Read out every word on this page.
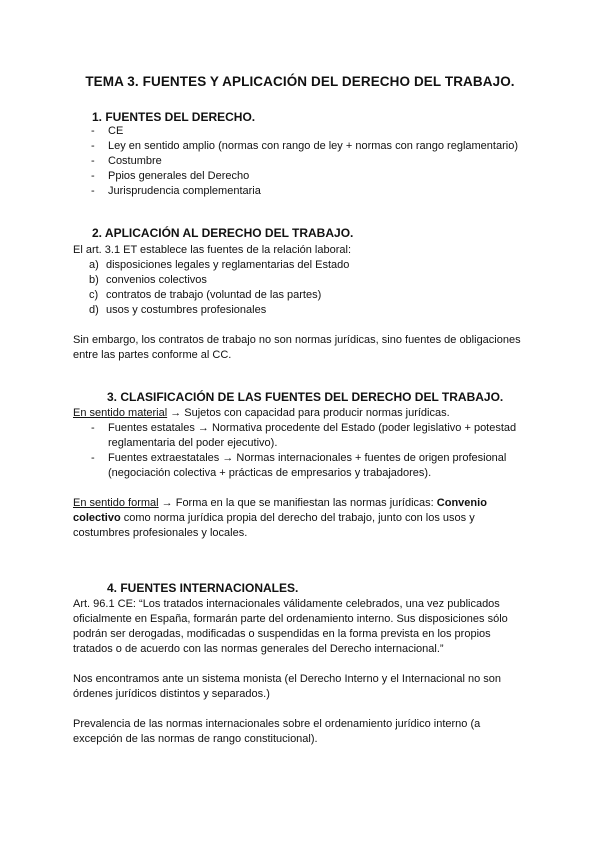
TEMA 3. FUENTES Y APLICACIÓN DEL DERECHO DEL TRABAJO.
1. FUENTES DEL DERECHO.
- CE
- Ley en sentido amplio (normas con rango de ley + normas con rango reglamentario)
- Costumbre
- Ppios generales del Derecho
- Jurisprudencia complementaria
2. APLICACIÓN AL DERECHO DEL TRABAJO.

El art. 3.1 ET establece las fuentes de la relación laboral:

a) disposiciones legales y reglamentarias del Estado
b) convenios colectivos
c) contratos de trabajo (voluntad de las partes)
d) usos y costumbres profesionales

Sin embargo, los contratos de trabajo no son normas jurídicas, sino fuentes de obligaciones entre las partes conforme al CC.

3. CLASIFICACIÓN DE LAS FUENTES DEL DERECHO DEL TRABAJO.

En sentido material → Sujetos con capacidad para producir normas jurídicas.

- Fuentes estatales → Normativa procedente del Estado (poder legislativo + potestad reglamentaria del poder ejecutivo).
- Fuentes extraestatales → Normas internacionales + fuentes de origen profesional (negociación colectiva + prácticas de empresarios y trabajadores).

En sentido formal → Forma en la que se manifiestan las normas jurídicas: Convenio colectivo como norma jurídica propia del derecho del trabajo, junto con los usos y costumbres profesionales y locales.

4. FUENTES INTERNACIONALES.

Art. 96.1 CE: “Los tratados internacionales válidamente celebrados, una vez publicados oficialmente en España, formarán parte del ordenamiento interno. Sus disposiciones sólo podrán ser derogadas, modificadas o suspendidas en la forma prevista en los propios tratados o de acuerdo con las normas generales del Derecho internacional.”

Nos encontramos ante un sistema monista (el Derecho Interno y el Internacional no son órdenes jurídicos distintos y separados.)

Prevalencia de las normas internacionales sobre el ordenamiento jurídico interno (a excepción de las normas de rango constitucional).
